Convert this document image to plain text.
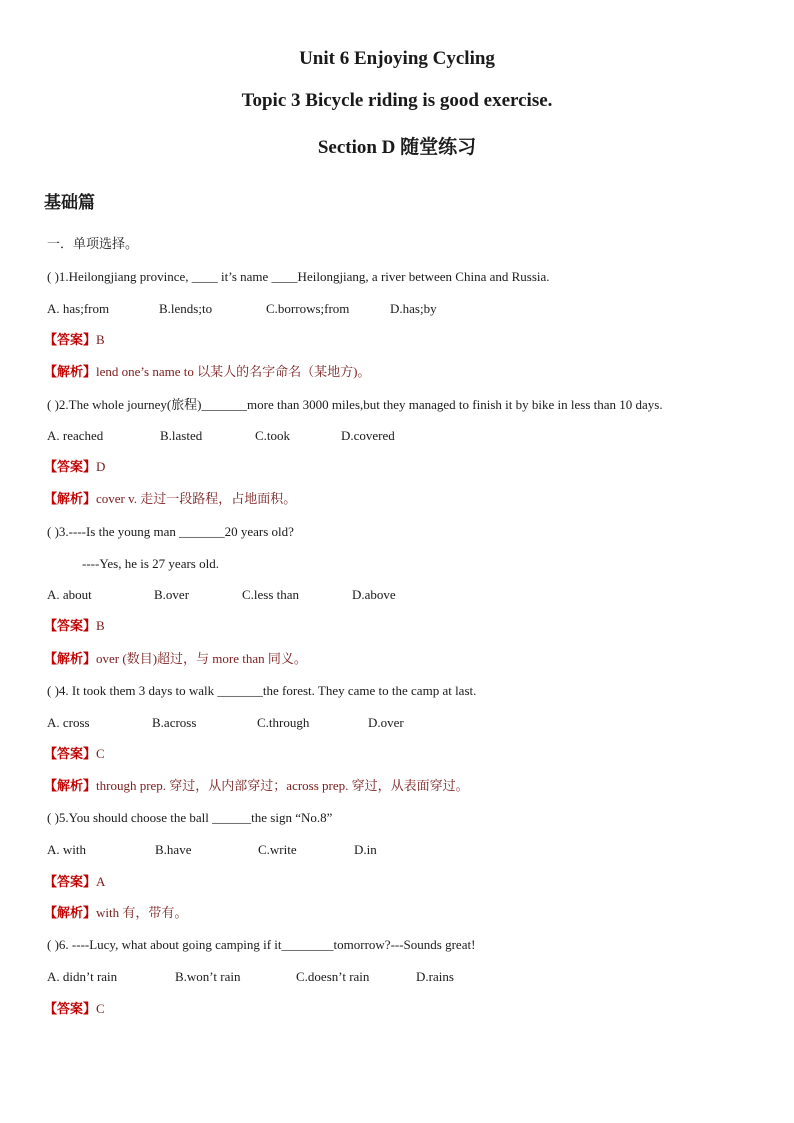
Unit 6 Enjoying Cycling
Topic 3 Bicycle riding is good exercise.
Section D 随堂练习
基础篇
一．单项选择。
( )1.Heilongjiang province, ____ it’s name ____Heilongjiang, a river between China and Russia.
A. has;from	B.lends;to	C.borrows;from	D.has;by
【答案】B
【解析】lend one’s name to 以某人的名字命名（某地方)。
( )2.The whole journey(旅程)_______more than 3000 miles,but they managed to finish it by bike in less than 10 days.
A. reached	B.lasted	C.took	D.covered
【答案】D
【解析】cover v. 走过一段路程，占地面积。
( )3.----Is the young man _______20 years old?
----Yes, he is 27 years old.
A. about	B.over	C.less than	D.above
【答案】B
【解析】over (数目)超过，与 more than 同义。
( )4. It took them 3 days to walk _______the forest. They came to the camp at last.
A. cross	B.across	C.through	D.over
【答案】C
【解析】through prep. 穿过，从内部穿过；across prep. 穿过，从表面穿过。
( )5.You should choose the ball ______the sign “No.8”
A. with	B.have	C.write	D.in
【答案】A
【解析】with 有，带有。
( )6. ----Lucy, what about going camping if it________tomorrow?---Sounds great!
A. didn’t rain	B.won’t rain	C.doesn’t rain	D.rains
【答案】C
